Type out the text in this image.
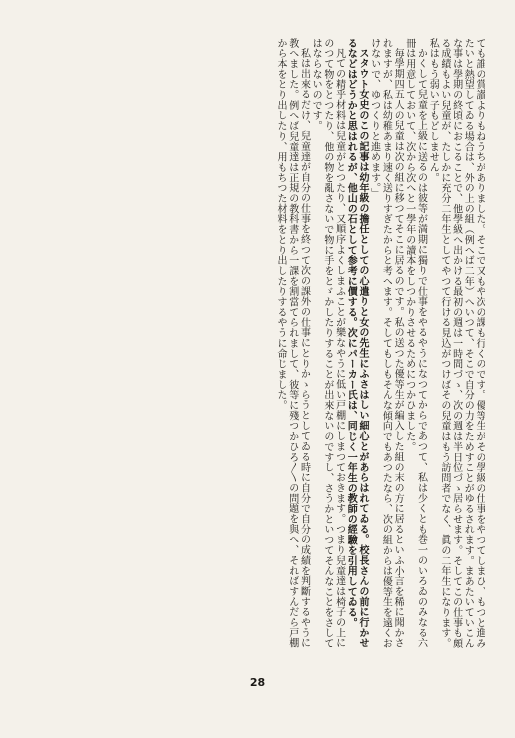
ても誰の賞讃よりもねうちがありました。そこで又もや次の課も行くのです。優等生がその學級の仕事をやつてしまひ、もつと進みたいと熱望してゐる場合は、外の上の組（例へば二年）へいつて、そこで自分の力をためすことがゆるされます。まあたいていこんな事は學期の終頃におこることで、他學級へ出かける最初の週は一時間づゝ、次の週は半日位づゝ居らせます。そしてこの仕事も頗る成績もよい兒童が、たしかに充分二年生としてやつて行ける見込がつけばその兒童はもう訪問者でなく、眞の二年生になります。私はもう弱い子もどしません。

かくして兒童を上級に送るのは彼等が満期に獨りで仕事をやるやうになつてからであつて、私は少くとも巻一のいろゐのみなる六冊は用意しておいて、次から次へと一學年の讀本をしつかりさせるためにつかひました。

毎學期四五人の兒童は次の組に移つてそこに居るのです。私の送つた優等生が編入した組の末の方に居るといふ小言を稀に聞かされますが、私は幼稚あまり速く送りすぎたからと考へます。そしてもしもそんな傾向でもあつたなら、次の組からは優等生を遠くおけないで、ゆつくりと進めます。」

スタウト女史のこの記事は幼年級の擔任としての心遣りと女の先生にふさはしい細心とがあらはれてゐる。校長さんの前に行かせるなどはどうかと思はれるが、他山の石として参考に價する。次にパーカー氏は、同じく一年生の教師の經驗を引用してゐる。

凡ての精乎材料は兒童がとつたり、又順序よくしまふことが樂なやうに低い戸棚にしまつておきます。つまり兒童達は椅子の上にのつて物をとつたり、他の物を亂さないで物に手をとゞかしたりすることが出來ないのですし、さうかといつてそんなことをさしてはならないのです。

私は出來るだけ、兒童達が自分の仕事を終つて次の課外の仕事にとりかゝらうとしてゐる時に自分で自分の成績を判斷するやうに教へました。例へば兒童達は正規の教科書から一課を割當てられまして、彼等に殘つかひろ〳〵の問題を與へ、そればすんだら戸棚から本をとり出したり、用もちつた材料をとり出したりするやうに命じました。

28
